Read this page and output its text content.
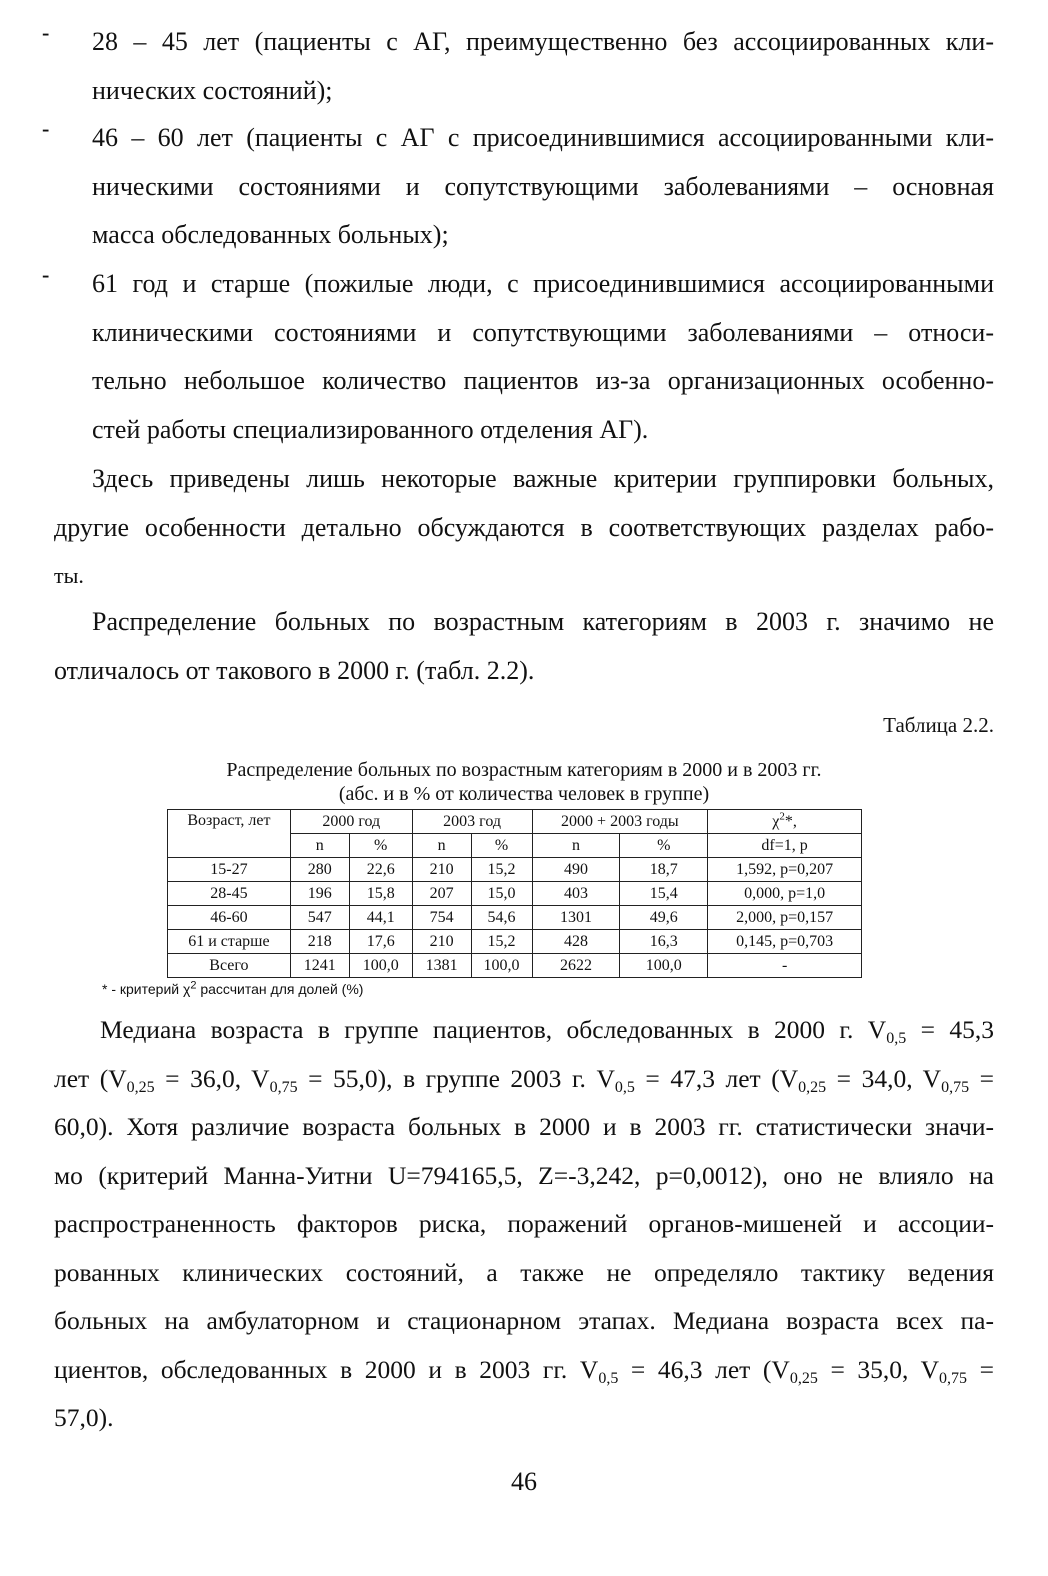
- 28 – 45 лет (пациенты с АГ, преимущественно без ассоциированных кли-
нических состояний);
- 46 – 60 лет (пациенты с АГ с присоединившимися ассоциированными кли-
ническими состояниями и сопутствующими заболеваниями – основная
масса обследованных больных);
- 61 год и старше (пожилые люди, с присоединившимися ассоциированными
клиническими состояниями и сопутствующими заболеваниями – относи-
тельно небольшое количество пациентов из-за организационных особенно-
стей работы специализированного отделения АГ).
Здесь приведены лишь некоторые важные критерии группировки больных,
другие особенности детально обсуждаются в соответствующих разделах рабо-
ты.
Распределение больных по возрастным категориям в 2003 г. значимо не
отличалось от такового в 2000 г. (табл. 2.2).
Таблица 2.2.
Распределение больных по возрастным категориям в 2000 и в 2003 гг.
(абс. и в % от количества человек в группе)
Возраст, лет	2000 год		2003 год		2000 + 2003 годы		$\chi^2*$,
	n	%	n	%	n	%	df=1, p
15-27	280	22,6	210	15,2	490	18,7	1,592, p=0,207
28-45	196	15,8	207	15,0	403	15,4	0,000, p=1,0
46-60	547	44,1	754	54,6	1301	49,6	2,000, p=0,157
61 и старше	218	17,6	210	15,2	428	16,3	0,145, p=0,703
Всего	1241	100,0	1381	100,0	2622	100,0	-
* - критерий $\chi^2$ рассчитан для долей (%)
Медиана возраста в группе пациентов, обследованных в 2000 г. $V_{0,5} = 45,3$
лет ($V_{0,25} = 36,0$, $V_{0,75} = 55,0$), в группе 2003 г. $V_{0,5} = 47,3$ лет ($V_{0,25} = 34,0$, $V_{0,75}$ =
60,0). Хотя различие возраста больных в 2000 и в 2003 гг. статистически значи-
мо (критерий Манна-Уитни U=794165,5, Z=-3,242, p=0,0012), оно не влияло на
распространенность факторов риска, поражений органов-мишеней и ассоции-
рованных клинических состояний, а также не определяло тактику ведения
больных на амбулаторном и стационарном этапах. Медиана возраста всех па-
циентов, обследованных в 2000 и в 2003 гг. $V_{0,5} = 46,3$ лет ($V_{0,25} = 35,0$, $V_{0,75}$ =
57,0).
46
